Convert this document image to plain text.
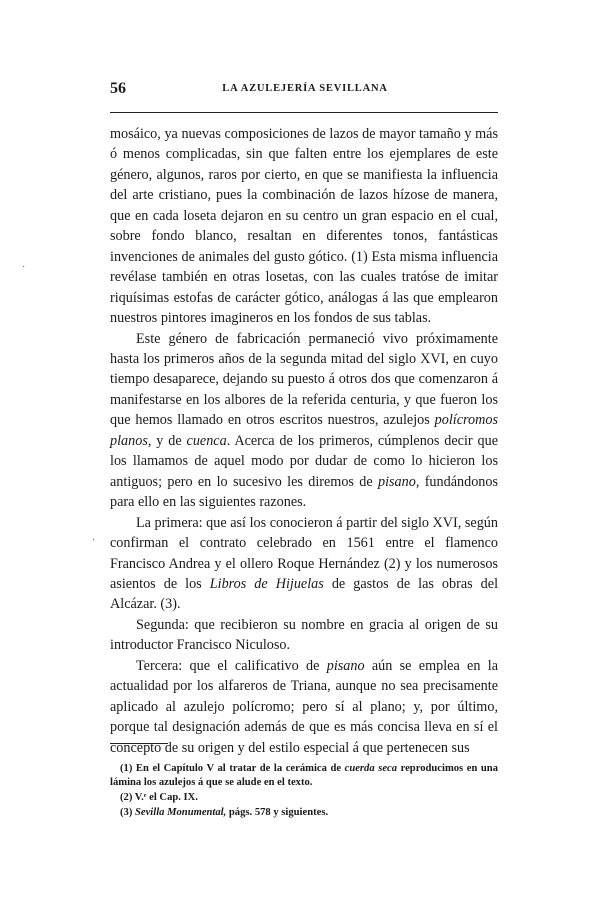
56	LA AZULEJERÍA SEVILLANA

mosáico, ya nuevas composiciones de lazos de mayor tamaño y más ó menos complicadas, sin que falten entre los ejemplares de este género, algunos, raros por cierto, en que se manifiesta la influencia del arte cristiano, pues la combinación de lazos hízose de manera, que en cada loseta dejaron en su centro un gran espacio en el cual, sobre fondo blanco, resaltan en diferentes tonos, fantásticas invenciones de animales del gusto gótico. (1) Esta misma influencia revélase también en otras losetas, con las cuales tratóse de imitar riquísimas estofas de carácter gótico, análogas á las que emplearon nuestros pintores imagineros en los fondos de sus tablas.

Este género de fabricación permaneció vivo próximamente hasta los primeros años de la segunda mitad del siglo XVI, en cuyo tiempo desaparece, dejando su puesto á otros dos que comenzaron á manifestarse en los albores de la referida centuria, y que fueron los que hemos llamado en otros escritos nuestros, azulejos polícromos planos, y de cuenca. Acerca de los primeros, cúmplenos decir que los llamamos de aquel modo por dudar de como lo hicieron los antiguos; pero en lo sucesivo les diremos de pisano, fundándonos para ello en las siguientes razones.

La primera: que así los conocieron á partir del siglo XVI, según confirman el contrato celebrado en 1561 entre el flamenco Francisco Andrea y el ollero Roque Hernández (2) y los numerosos asientos de los Libros de Hijuelas de gastos de las obras del Alcázar. (3).

Segunda: que recibieron su nombre en gracia al origen de su introductor Francisco Niculoso.

Tercera: que el calificativo de pisano aún se emplea en la actualidad por los alfareros de Triana, aunque no sea precisamente aplicado al azulejo polícromo; pero sí al plano; y, por último, porque tal designación además de que es más concisa lleva en sí el concepto de su origen y del estilo especial á que pertenecen sus

(1) En el Capítulo V al tratar de la cerámica de cuerda seca reproducimos en una lámina los azulejos á que se alude en el texto.

(2) V.ᵉ el Cap. IX.

(3) Sevilla Monumental, págs. 578 y siguientes.

·
·
